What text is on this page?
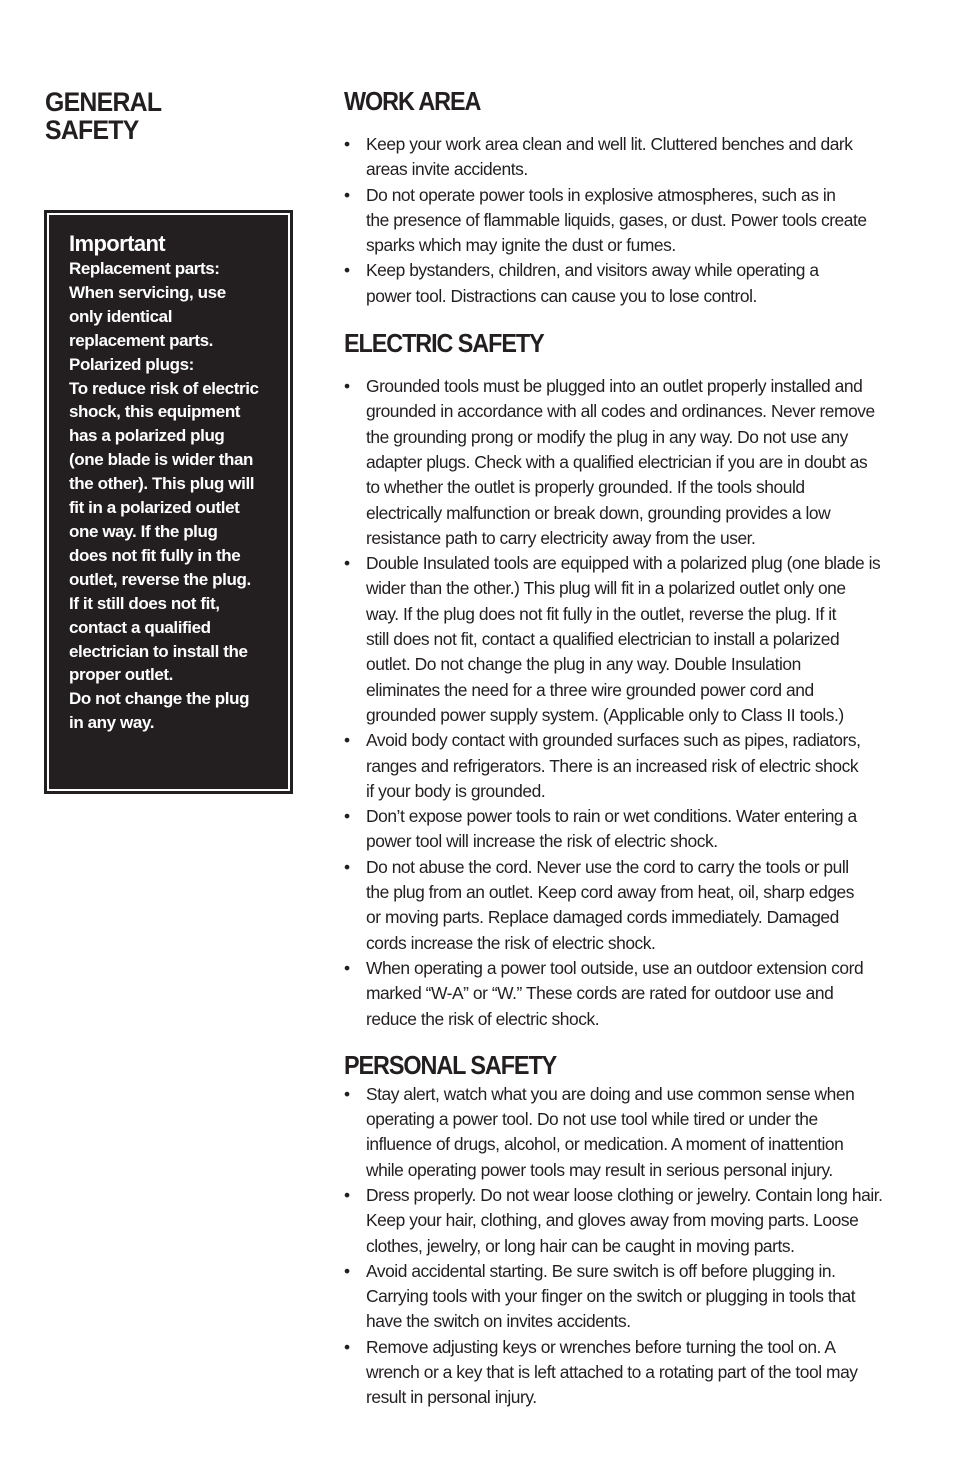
GENERAL
SAFETY
Important
Replacement parts:
When servicing, use
only identical
replacement parts.
Polarized plugs:
To reduce risk of electric
shock, this equipment
has a polarized plug
(one blade is wider than
the other). This plug will
fit in a polarized outlet
one way. If the plug
does not fit fully in the
outlet, reverse the plug.
If it still does not fit,
contact a qualified
electrician to install the
proper outlet.
Do not change the plug
in any way.
WORK AREA
• Keep your work area clean and well lit. Cluttered benches and dark
areas invite accidents.
• Do not operate power tools in explosive atmospheres, such as in
the presence of flammable liquids, gases, or dust. Power tools create
sparks which may ignite the dust or fumes.
• Keep bystanders, children, and visitors away while operating a
power tool. Distractions can cause you to lose control.
ELECTRIC SAFETY
• Grounded tools must be plugged into an outlet properly installed and
grounded in accordance with all codes and ordinances. Never remove
the grounding prong or modify the plug in any way. Do not use any
adapter plugs. Check with a qualified electrician if you are in doubt as
to whether the outlet is properly grounded. If the tools should
electrically malfunction or break down, grounding provides a low
resistance path to carry electricity away from the user.
• Double Insulated tools are equipped with a polarized plug (one blade is
wider than the other.) This plug will fit in a polarized outlet only one
way. If the plug does not fit fully in the outlet, reverse the plug. If it
still does not fit, contact a qualified electrician to install a polarized
outlet. Do not change the plug in any way. Double Insulation
eliminates the need for a three wire grounded power cord and
grounded power supply system. (Applicable only to Class II tools.)
• Avoid body contact with grounded surfaces such as pipes, radiators,
ranges and refrigerators. There is an increased risk of electric shock
if your body is grounded.
• Don’t expose power tools to rain or wet conditions. Water entering a
power tool will increase the risk of electric shock.
• Do not abuse the cord. Never use the cord to carry the tools or pull
the plug from an outlet. Keep cord away from heat, oil, sharp edges
or moving parts. Replace damaged cords immediately. Damaged
cords increase the risk of electric shock.
• When operating a power tool outside, use an outdoor extension cord
marked “W-A” or “W.” These cords are rated for outdoor use and
reduce the risk of electric shock.
PERSONAL SAFETY
• Stay alert, watch what you are doing and use common sense when
operating a power tool. Do not use tool while tired or under the
influence of drugs, alcohol, or medication. A moment of inattention
while operating power tools may result in serious personal injury.
• Dress properly. Do not wear loose clothing or jewelry. Contain long hair.
Keep your hair, clothing, and gloves away from moving parts. Loose
clothes, jewelry, or long hair can be caught in moving parts.
• Avoid accidental starting. Be sure switch is off before plugging in.
Carrying tools with your finger on the switch or plugging in tools that
have the switch on invites accidents.
• Remove adjusting keys or wrenches before turning the tool on. A
wrench or a key that is left attached to a rotating part of the tool may
result in personal injury.
